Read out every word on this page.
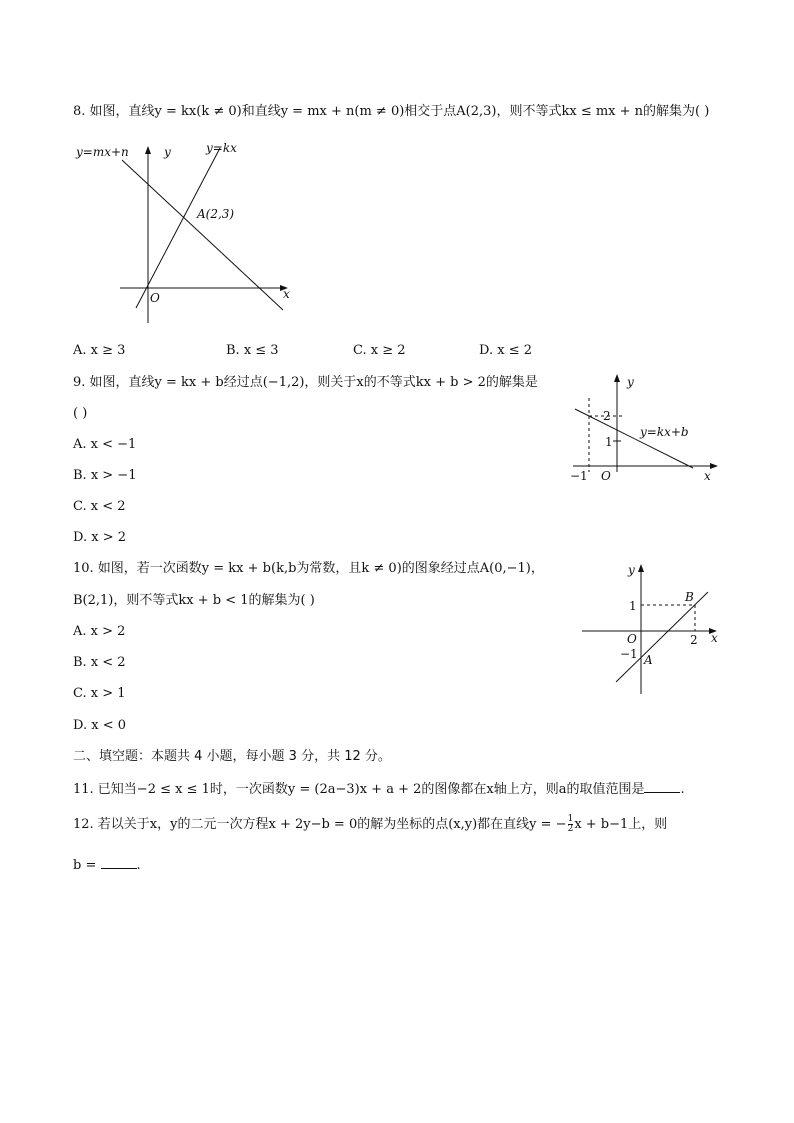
8. 如图，直线y = kx(k ≠ 0)和直线y = mx + n(m ≠ 0)相交于点A(2,3)，则不等式kx ≤ mx + n的解集为( )
y=mx+n	y=kx
y
x
O
A(2,3)
A. x ≥ 3	B. x ≤ 3	C. x ≥ 2	D. x ≤ 2
9. 如图，直线y = kx + b经过点(−1,2)，则关于x的不等式kx + b > 2的解集是
( )
y
x
O
2
1
−1
y=kx+b
A. x < −1
B. x > −1
C. x < 2
D. x > 2
10. 如图，若一次函数y = kx + b(k,b为常数，且k ≠ 0)的图象经过点A(0,−1)，
B(2,1)，则不等式kx + b < 1的解集为( )
y
x
O
1
−1
2
A
B
A. x > 2
B. x < 2
C. x > 1
D. x < 0
二、填空题：本题共 4 小题，每小题 3 分，共 12 分。
11. 已知当−2 ≤ x ≤ 1时，一次函数y = (2a−3)x + a + 2的图像都在x轴上方，则a的取值范围是	.
12. 若以关于x，y的二元一次方程x + 2y−b = 0的解为坐标的点(x,y)都在直线y = − $\frac{1}{2}$ x + b−1上，则
b =	.
